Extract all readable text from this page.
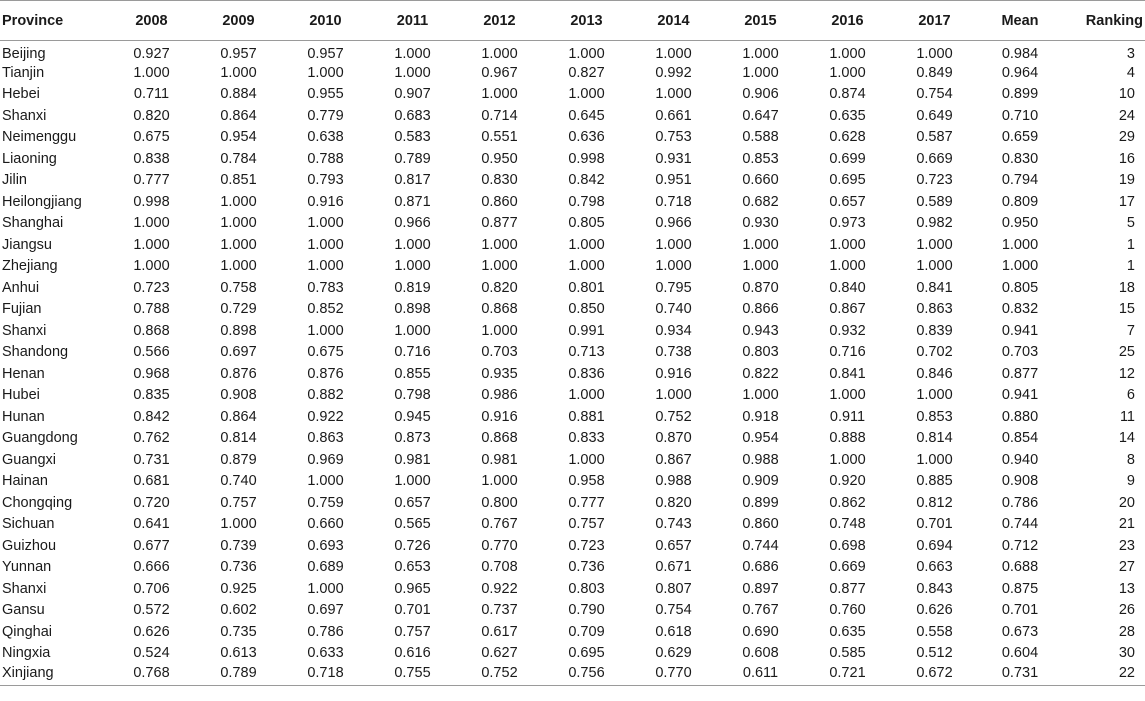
Province	2008	2009	2010	2011	2012	2013	2014	2015	2016	2017	Mean	Ranking
Beijing	0.927	0.957	0.957	1.000	1.000	1.000	1.000	1.000	1.000	1.000	0.984	3
Tianjin	1.000	1.000	1.000	1.000	0.967	0.827	0.992	1.000	1.000	0.849	0.964	4
Hebei	0.711	0.884	0.955	0.907	1.000	1.000	1.000	0.906	0.874	0.754	0.899	10
Shanxi	0.820	0.864	0.779	0.683	0.714	0.645	0.661	0.647	0.635	0.649	0.710	24
Neimenggu	0.675	0.954	0.638	0.583	0.551	0.636	0.753	0.588	0.628	0.587	0.659	29
Liaoning	0.838	0.784	0.788	0.789	0.950	0.998	0.931	0.853	0.699	0.669	0.830	16
Jilin	0.777	0.851	0.793	0.817	0.830	0.842	0.951	0.660	0.695	0.723	0.794	19
Heilongjiang	0.998	1.000	0.916	0.871	0.860	0.798	0.718	0.682	0.657	0.589	0.809	17
Shanghai	1.000	1.000	1.000	0.966	0.877	0.805	0.966	0.930	0.973	0.982	0.950	5
Jiangsu	1.000	1.000	1.000	1.000	1.000	1.000	1.000	1.000	1.000	1.000	1.000	1
Zhejiang	1.000	1.000	1.000	1.000	1.000	1.000	1.000	1.000	1.000	1.000	1.000	1
Anhui	0.723	0.758	0.783	0.819	0.820	0.801	0.795	0.870	0.840	0.841	0.805	18
Fujian	0.788	0.729	0.852	0.898	0.868	0.850	0.740	0.866	0.867	0.863	0.832	15
Shanxi	0.868	0.898	1.000	1.000	1.000	0.991	0.934	0.943	0.932	0.839	0.941	7
Shandong	0.566	0.697	0.675	0.716	0.703	0.713	0.738	0.803	0.716	0.702	0.703	25
Henan	0.968	0.876	0.876	0.855	0.935	0.836	0.916	0.822	0.841	0.846	0.877	12
Hubei	0.835	0.908	0.882	0.798	0.986	1.000	1.000	1.000	1.000	1.000	0.941	6
Hunan	0.842	0.864	0.922	0.945	0.916	0.881	0.752	0.918	0.911	0.853	0.880	11
Guangdong	0.762	0.814	0.863	0.873	0.868	0.833	0.870	0.954	0.888	0.814	0.854	14
Guangxi	0.731	0.879	0.969	0.981	0.981	1.000	0.867	0.988	1.000	1.000	0.940	8
Hainan	0.681	0.740	1.000	1.000	1.000	0.958	0.988	0.909	0.920	0.885	0.908	9
Chongqing	0.720	0.757	0.759	0.657	0.800	0.777	0.820	0.899	0.862	0.812	0.786	20
Sichuan	0.641	1.000	0.660	0.565	0.767	0.757	0.743	0.860	0.748	0.701	0.744	21
Guizhou	0.677	0.739	0.693	0.726	0.770	0.723	0.657	0.744	0.698	0.694	0.712	23
Yunnan	0.666	0.736	0.689	0.653	0.708	0.736	0.671	0.686	0.669	0.663	0.688	27
Shanxi	0.706	0.925	1.000	0.965	0.922	0.803	0.807	0.897	0.877	0.843	0.875	13
Gansu	0.572	0.602	0.697	0.701	0.737	0.790	0.754	0.767	0.760	0.626	0.701	26
Qinghai	0.626	0.735	0.786	0.757	0.617	0.709	0.618	0.690	0.635	0.558	0.673	28
Ningxia	0.524	0.613	0.633	0.616	0.627	0.695	0.629	0.608	0.585	0.512	0.604	30
Xinjiang	0.768	0.789	0.718	0.755	0.752	0.756	0.770	0.611	0.721	0.672	0.731	22
